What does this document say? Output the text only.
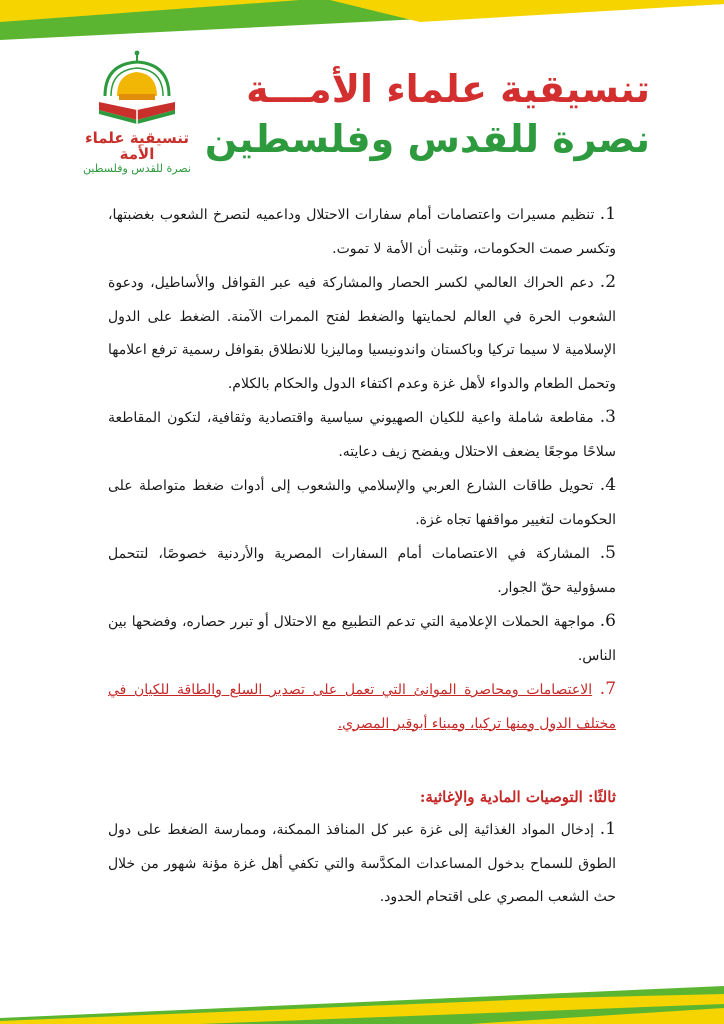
تنسيقية علماء الأمة
نصرة للقدس وفلسطين
تنسيقية علماء الأمـــة
نصرة للقدس وفلسطين

1. تنظيم مسيرات واعتصامات أمام سفارات الاحتلال وداعميه لتصرخ الشعوب بغضبتها، وتكسر صمت الحكومات، وتثبت أن الأمة لا تموت.

2. دعم الحراك العالمي لكسر الحصار والمشاركة فيه عبر القوافل والأساطيل، ودعوة الشعوب الحرة في العالم لحمايتها والضغط لفتح الممرات الآمنة. الضغط على الدول الإسلامية لا سيما تركيا وباكستان واندونيسيا وماليزيا للانطلاق بقوافل رسمية ترفع اعلامها وتحمل الطعام والدواء لأهل غزة وعدم اكتفاء الدول والحكام بالكلام.

3. مقاطعة شاملة واعية للكيان الصهيوني سياسية واقتصادية وثقافية، لتكون المقاطعة سلاحًا موجعًا يضعف الاحتلال ويفضح زيف دعايته.

4. تحويل طاقات الشارع العربي والإسلامي والشعوب إلى أدوات ضغط متواصلة على الحكومات لتغيير مواقفها تجاه غزة.

5. المشاركة في الاعتصامات أمام السفارات المصرية والأردنية خصوصًا، لتتحمل مسؤولية حقّ الجوار.

6. مواجهة الحملات الإعلامية التي تدعم التطبيع مع الاحتلال أو تبرر حصاره، وفضحها بين الناس.

7. الاعتصامات ومحاصرة الموانئ التي تعمل على تصدير السلع والطاقة للكيان في مختلف الدول ومنها تركيا، وميناء أبوقير المصري.

ثالثًا: التوصيات المادية والإغاثية:

1. إدخال المواد الغذائية إلى غزة عبر كل المنافذ الممكنة، وممارسة الضغط على دول الطوق للسماح بدخول المساعدات المكدَّسة والتي تكفي أهل غزة مؤنة شهور من خلال حث الشعب المصري على اقتحام الحدود.
